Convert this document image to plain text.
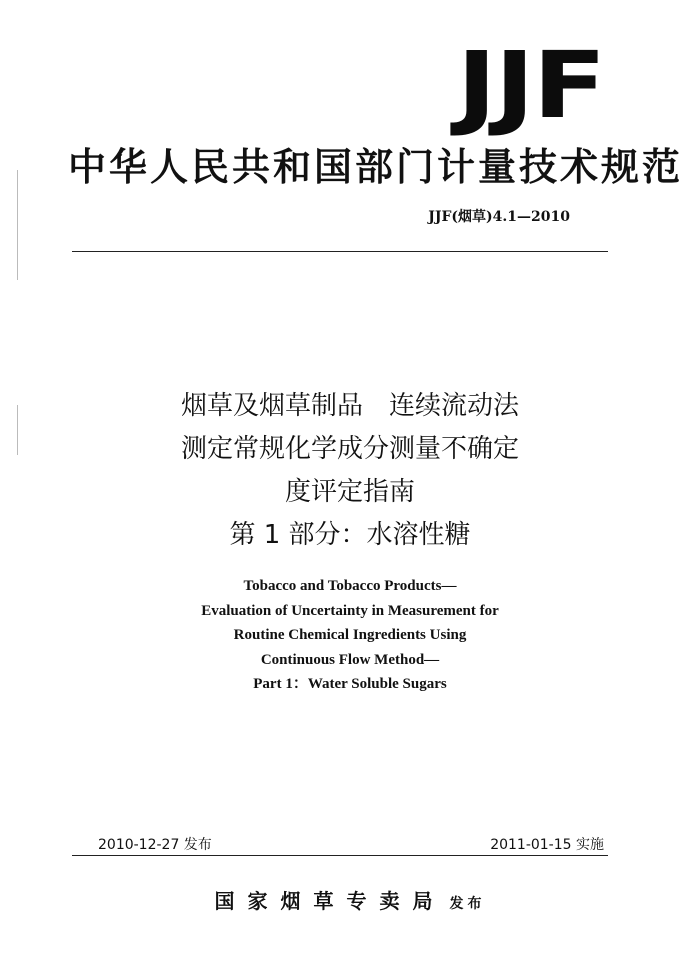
JJF
中华人民共和国部门计量技术规范
JJF(烟草)4.1—2010
烟草及烟草制品　连续流动法
测定常规化学成分测量不确定
度评定指南
第 1 部分：水溶性糖
Tobacco and Tobacco Products—
Evaluation of Uncertainty in Measurement for
Routine Chemical Ingredients Using
Continuous Flow Method—
Part 1：Water Soluble Sugars
2010-12-27 发布	2011-01-15 实施
国家烟草专卖局 发布
